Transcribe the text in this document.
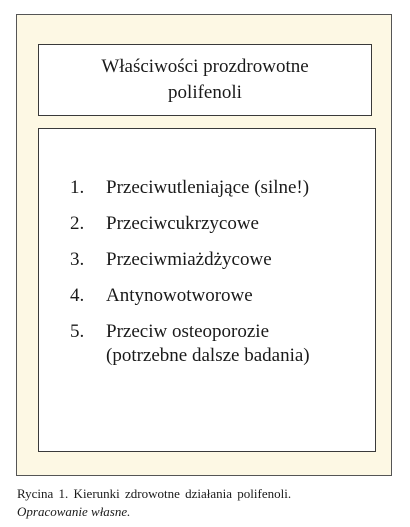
Właściwości prozdrowotne
polifenoli
1.	Przeciwutleniające (silne!)
2.	Przeciwcukrzycowe
3.	Przeciwmiażdżycowe
4.	Antynowotworowe
5.	Przeciw osteoporozie
(potrzebne dalsze badania)
Rycina 1. Kierunki zdrowotne działania polifenoli.
Opracowanie własne.
